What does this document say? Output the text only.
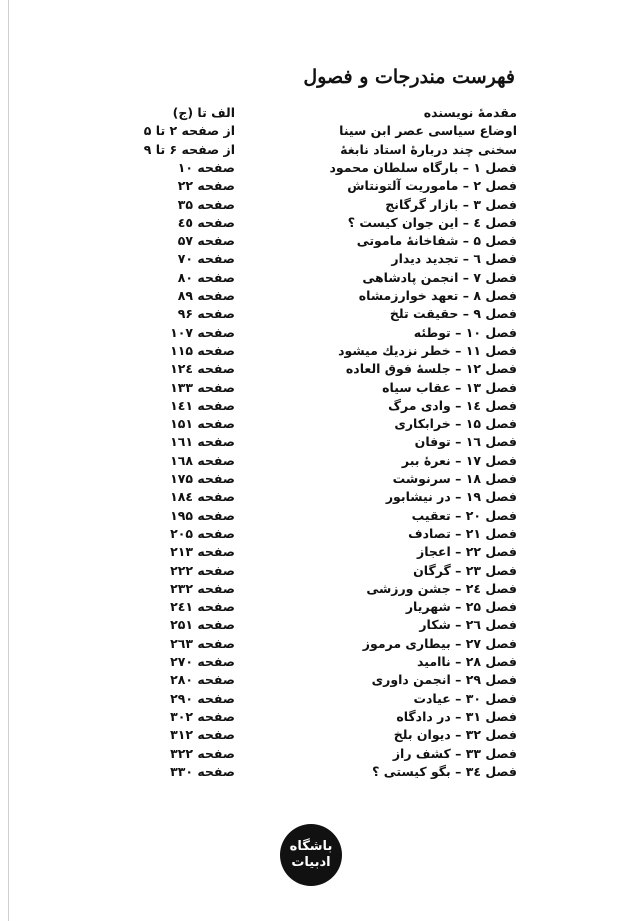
فهرست مندرجات و فصول
مقدمهٔ نویسنده
الف تا (ج)
اوضاع سیاسی عصر ابن سینا
از صفحه ۲ تا ۵
سخنی چند دربارهٔ استاد نابغهٔ
از صفحه ۶ تا ۹
فصل ۱ – بارگاه سلطان محمود
صفحه ۱۰
فصل ۲ – ماموریت آلتونتاش
صفحه ۲۲
فصل ۳ – بازار گرگانج
صفحه ۳۵
فصل ٤ – این جوان کیست ؟
صفحه ٤٥
فصل ۵ – شفاخانهٔ ماموتی
صفحه ۵۷
فصل ٦ – تجدید دیدار
صفحه ۷۰
فصل ۷ – انجمن پادشاهی
صفحه ۸۰
فصل ۸ – تعهد خوارزمشاه
صفحه ۸۹
فصل ۹ – حقیقت تلخ
صفحه ۹۶
فصل ۱۰ – توطئه
صفحه ۱۰۷
فصل ۱۱ – خطر نزدیك میشود
صفحه ۱۱۵
فصل ۱۲ – جلسهٔ فوق العاده
صفحه ۱۲٤
فصل ۱۳ – عقاب سیاه
صفحه ۱۳۳
فصل ١٤ – وادی مرگ
صفحه ۱٤۱
فصل ۱۵ – خرابکاری
صفحه ۱۵۱
فصل ۱٦ – توفان
صفحه ۱٦۱
فصل ۱۷ – نعرهٔ ببر
صفحه ۱٦۸
فصل ۱۸ – سرنوشت
صفحه ۱۷۵
فصل ۱۹ – در نیشابور
صفحه ۱۸٤
فصل ۲۰ – تعقیب
صفحه ۱۹۵
فصل ۲۱ – تصادف
صفحه ۲۰۵
فصل ۲۲ – اعجاز
صفحه ۲۱۳
فصل ۲۳ – گرگان
صفحه ۲۲۲
فصل ۲٤ – جشن ورزشی
صفحه ۲۳۲
فصل ۲۵ – شهریار
صفحه ۲٤۱
فصل ۲٦ – شکار
صفحه ۲۵۱
فصل ۲۷ – بیطاری مرموز
صفحه ۲٦۳
فصل ۲۸ – ناامید
صفحه ۲۷۰
فصل ۲۹ – انجمن داوری
صفحه ۲۸۰
فصل ۳۰ – عیادت
صفحه ۲۹۰
فصل ۳۱ – در دادگاه
صفحه ۳۰۲
فصل ۳۲ – دیوان بلخ
صفحه ۳۱۲
فصل ۳۳ – کشف راز
صفحه ۳۲۲
فصل ۳٤ – بگو کیستی ؟
صفحه ۳۳۰
باشگاه
ادبیات
